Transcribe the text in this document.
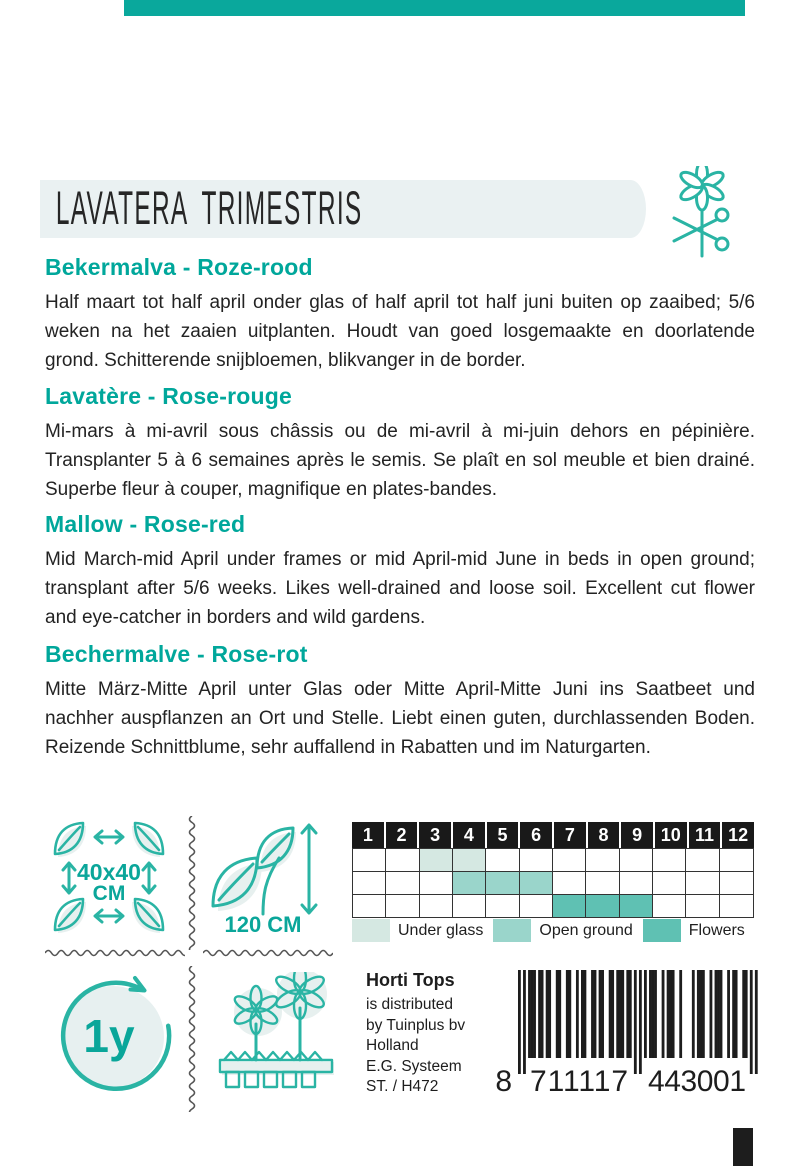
LAVATERA TRIMESTRIS
Bekermalva - Roze-rood

Half maart tot half april onder glas of half april tot half juni buiten op zaaibed; 5/6 weken na het zaaien uitplanten. Houdt van goed losgemaakte en doorlatende grond. Schitterende snijbloemen, blikvanger in de border.

Lavatère - Rose-rouge

Mi-mars à mi-avril sous châssis ou de mi-avril à mi-juin dehors en pépinière. Transplanter 5 à 6 semaines après le semis. Se plaît en sol meuble et bien drainé. Superbe fleur à couper, magnifique en plates-bandes.

Mallow - Rose-red

Mid March-mid April under frames or mid April-mid June in beds in open ground; transplant after 5/6 weeks. Likes well-drained and loose soil. Excellent cut flower and eye-catcher in borders and wild gardens.

Bechermalve - Rose-rot

Mitte März-Mitte April unter Glas oder Mitte April-Mitte Juni ins Saatbeet und nachher auspflanzen an Ort und Stelle. Liebt einen guten, durchlassenden Boden. Reizende Schnittblume, sehr auffallend in Rabatten und im Naturgarten.

40x40
CM
120 CM
1	2	3	4	5	6	7	8	9	10 11 12
Under glass	Open ground	Flowers
1y
Horti Tops
is distributed
by Tuinplus bv
Holland
E.G. Systeem
ST. / H472	8 711117 443001
